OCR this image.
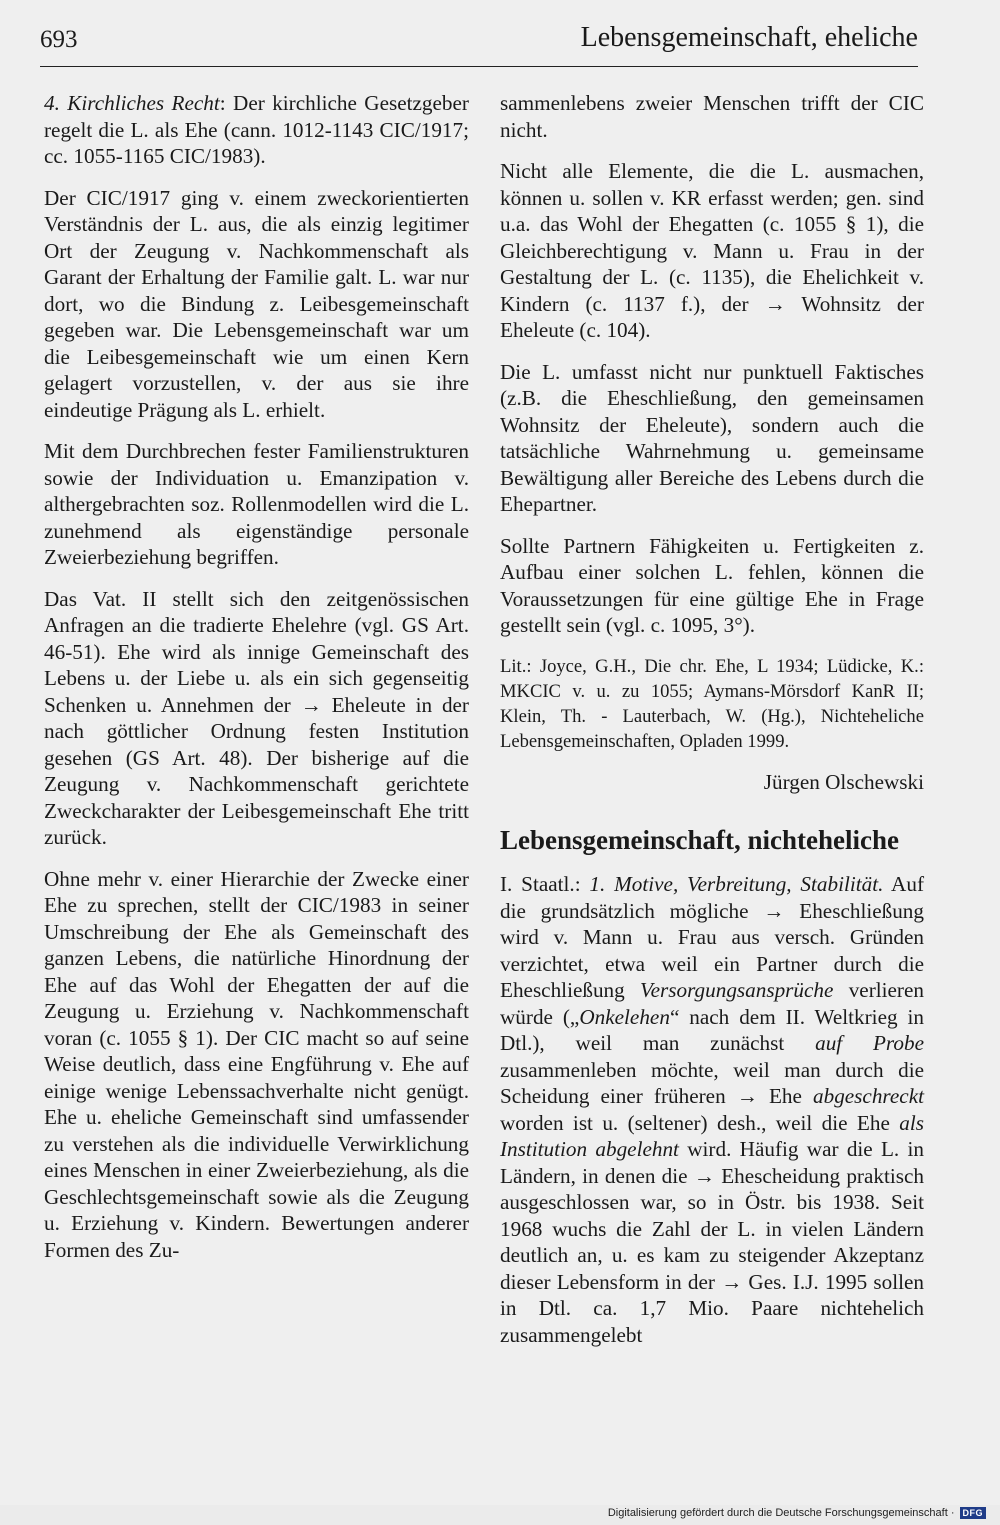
693	Lebensgemeinschaft, eheliche

4. Kirchliches Recht: Der kirchliche Gesetzgeber regelt die L. als Ehe (cann. 1012-1143 CIC/1917; cc. 1055-1165 CIC/1983).

Der CIC/1917 ging v. einem zweckorientierten Verständnis der L. aus, die als einzig legitimer Ort der Zeugung v. Nachkommenschaft als Garant der Erhaltung der Familie galt. L. war nur dort, wo die Bindung z. Leibesgemeinschaft gegeben war. Die Lebensgemeinschaft war um die Leibesgemeinschaft wie um einen Kern gelagert vorzustellen, v. der aus sie ihre eindeutige Prägung als L. erhielt.

Mit dem Durchbrechen fester Familienstrukturen sowie der Individuation u. Emanzipation v. althergebrachten soz. Rollenmodellen wird die L. zunehmend als eigenständige personale Zweierbeziehung begriffen.

Das Vat. II stellt sich den zeitgenössischen Anfragen an die tradierte Ehelehre (vgl. GS Art. 46-51). Ehe wird als innige Gemeinschaft des Lebens u. der Liebe u. als ein sich gegenseitig Schenken u. Annehmen der → Eheleute in der nach göttlicher Ordnung festen Institution gesehen (GS Art. 48). Der bisherige auf die Zeugung v. Nachkommenschaft gerichtete Zweckcharakter der Leibesgemeinschaft Ehe tritt zurück.

Ohne mehr v. einer Hierarchie der Zwecke einer Ehe zu sprechen, stellt der CIC/1983 in seiner Umschreibung der Ehe als Gemeinschaft des ganzen Lebens, die natürliche Hinordnung der Ehe auf das Wohl der Ehegatten der auf die Zeugung u. Erziehung v. Nachkommenschaft voran (c. 1055 § 1). Der CIC macht so auf seine Weise deutlich, dass eine Engführung v. Ehe auf einige wenige Lebenssachverhalte nicht genügt. Ehe u. eheliche Gemeinschaft sind umfassender zu verstehen als die individuelle Verwirklichung eines Menschen in einer Zweierbeziehung, als die Geschlechtsgemeinschaft sowie als die Zeugung u. Erziehung v. Kindern. Bewertungen anderer Formen des Zu-

sammenlebens zweier Menschen trifft der CIC nicht.

Nicht alle Elemente, die die L. ausmachen, können u. sollen v. KR erfasst werden; gen. sind u.a. das Wohl der Ehegatten (c. 1055 § 1), die Gleichberechtigung v. Mann u. Frau in der Gestaltung der L. (c. 1135), die Ehelichkeit v. Kindern (c. 1137 f.), der → Wohnsitz der Eheleute (c. 104).

Die L. umfasst nicht nur punktuell Faktisches (z.B. die Eheschließung, den gemeinsamen Wohnsitz der Eheleute), sondern auch die tatsächliche Wahrnehmung u. gemeinsame Bewältigung aller Bereiche des Lebens durch die Ehepartner.

Sollte Partnern Fähigkeiten u. Fertigkeiten z. Aufbau einer solchen L. fehlen, können die Voraussetzungen für eine gültige Ehe in Frage gestellt sein (vgl. c. 1095, 3°).

Lit.: Joyce, G.H., Die chr. Ehe, L 1934; Lüdicke, K.: MKCIC v. u. zu 1055; Aymans-Mörsdorf KanR II; Klein, Th. - Lauterbach, W. (Hg.), Nichteheliche Lebensgemeinschaften, Opladen 1999.

Jürgen Olschewski

Lebensgemeinschaft, nichteheliche

I. Staatl.: 1. Motive, Verbreitung, Stabilität. Auf die grundsätzlich mögliche → Eheschließung wird v. Mann u. Frau aus versch. Gründen verzichtet, etwa weil ein Partner durch die Eheschließung Versorgungsansprüche verlieren würde („Onkelehen“ nach dem II. Weltkrieg in Dtl.), weil man zunächst auf Probe zusammenleben möchte, weil man durch die Scheidung einer früheren → Ehe abgeschreckt worden ist u. (seltener) desh., weil die Ehe als Institution abgelehnt wird. Häufig war die L. in Ländern, in denen die → Ehescheidung praktisch ausgeschlossen war, so in Östr. bis 1938. Seit 1968 wuchs die Zahl der L. in vielen Ländern deutlich an, u. es kam zu steigender Akzeptanz dieser Lebensform in der → Ges. I.J. 1995 sollen in Dtl. ca. 1,7 Mio. Paare nichtehelich zusammengelebt

Digitalisierung gefördert durch die Deutsche Forschungsgemeinschaft · DFG
